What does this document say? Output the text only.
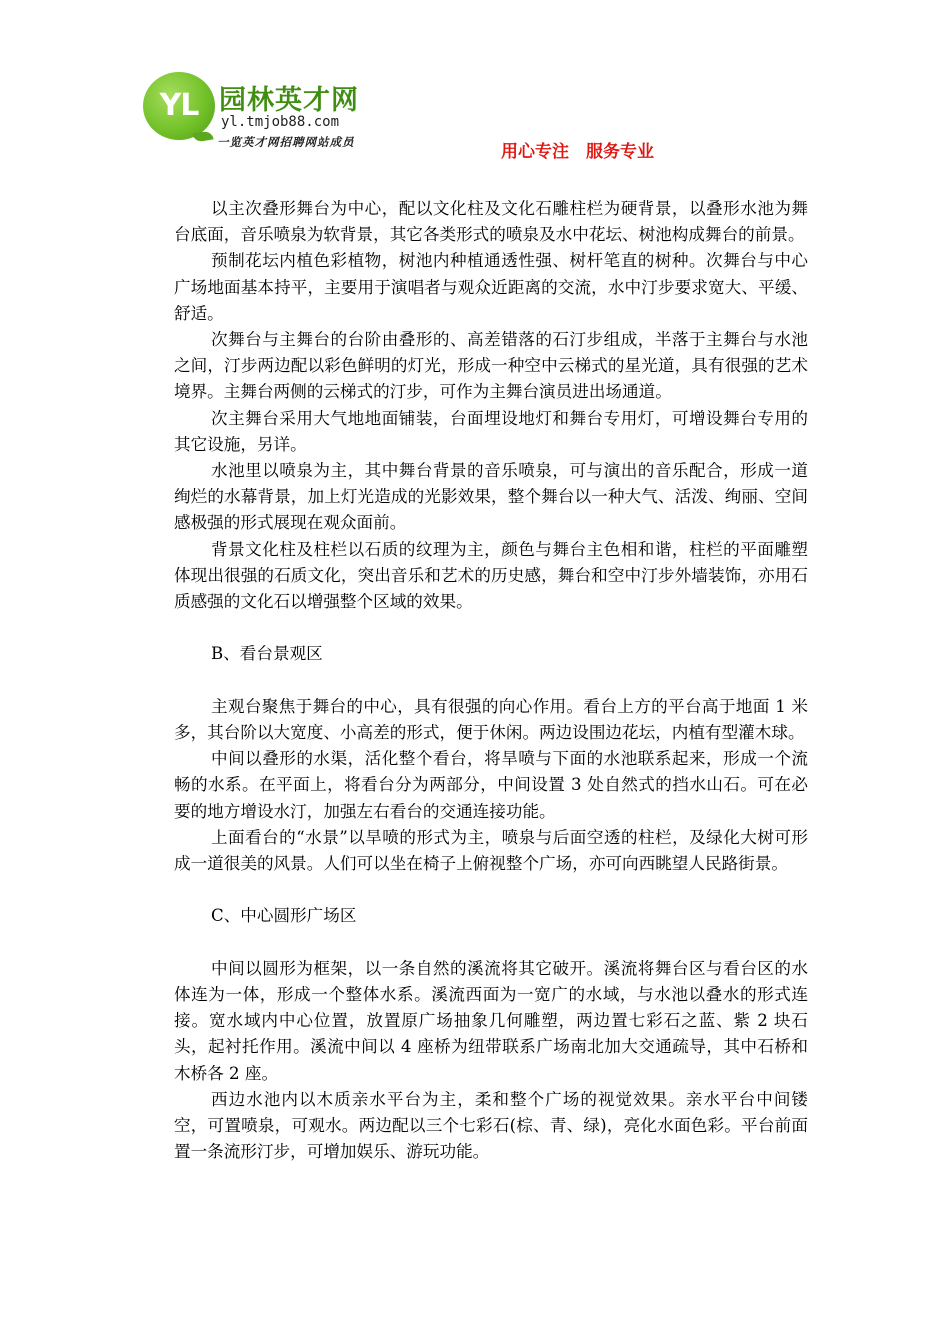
YL 园林英才网
yl.tmjob88.com
一览英才网招聘网站成员	用心专注 服务专业

以主次叠形舞台为中心，配以文化柱及文化石雕柱栏为硬背景，以叠形水池为舞台底面，音乐喷泉为软背景，其它各类形式的喷泉及水中花坛、树池构成舞台的前景。

预制花坛内植色彩植物，树池内种植通透性强、树杆笔直的树种。次舞台与中心广场地面基本持平，主要用于演唱者与观众近距离的交流，水中汀步要求宽大、平缓、舒适。

次舞台与主舞台的台阶由叠形的、高差错落的石汀步组成，半落于主舞台与水池之间，汀步两边配以彩色鲜明的灯光，形成一种空中云梯式的星光道，具有很强的艺术境界。主舞台两侧的云梯式的汀步，可作为主舞台演员进出场通道。

次主舞台采用大气地地面铺装，台面埋设地灯和舞台专用灯，可增设舞台专用的其它设施，另详。

水池里以喷泉为主，其中舞台背景的音乐喷泉，可与演出的音乐配合，形成一道绚烂的水幕背景，加上灯光造成的光影效果，整个舞台以一种大气、活泼、绚丽、空间感极强的形式展现在观众面前。

背景文化柱及柱栏以石质的纹理为主，颜色与舞台主色相和谐，柱栏的平面雕塑体现出很强的石质文化，突出音乐和艺术的历史感，舞台和空中汀步外墙装饰，亦用石质感强的文化石以增强整个区域的效果。

B、看台景观区

主观台聚焦于舞台的中心，具有很强的向心作用。看台上方的平台高于地面 1 米多，其台阶以大宽度、小高差的形式，便于休闲。两边设围边花坛，内植有型灌木球。

中间以叠形的水渠，活化整个看台，将旱喷与下面的水池联系起来，形成一个流畅的水系。在平面上，将看台分为两部分，中间设置 3 处自然式的挡水山石。可在必要的地方增设水汀，加强左右看台的交通连接功能。

上面看台的“水景”以旱喷的形式为主，喷泉与后面空透的柱栏，及绿化大树可形成一道很美的风景。人们可以坐在椅子上俯视整个广场，亦可向西眺望人民路街景。

C、中心圆形广场区

中间以圆形为框架，以一条自然的溪流将其它破开。溪流将舞台区与看台区的水体连为一体，形成一个整体水系。溪流西面为一宽广的水域，与水池以叠水的形式连接。宽水域内中心位置，放置原广场抽象几何雕塑，两边置七彩石之蓝、紫 2 块石头，起衬托作用。溪流中间以 4 座桥为纽带联系广场南北加大交通疏导，其中石桥和木桥各 2 座。

西边水池内以木质亲水平台为主，柔和整个广场的视觉效果。亲水平台中间镂空，可置喷泉，可观水。两边配以三个七彩石(棕、青、绿)，亮化水面色彩。平台前面置一条流形汀步，可增加娱乐、游玩功能。
